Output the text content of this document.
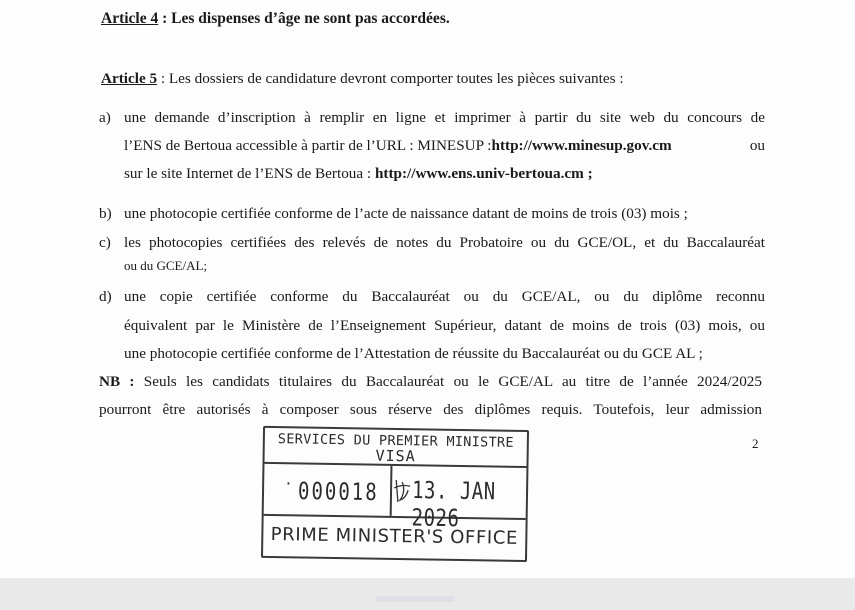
Article 4 : Les dispenses d’âge ne sont pas accordées.
Article 5 : Les dossiers de candidature devront comporter toutes les pièces suivantes :
a) une demande d’inscription à remplir en ligne et imprimer à partir du site web du concours de
l’ENS de Bertoua accessible à partir de l’URL : MINESUP : http://www.minesup.gov.cm	ou
sur le site Internet de l’ENS de Bertoua : http://www.ens.univ-bertoua.cm ;
b) une photocopie certifiée conforme de l’acte de naissance datant de moins de trois (03) mois ;
c) les photocopies certifiées des relevés de notes du Probatoire ou du GCE/OL, et du Baccalauréat
ou du GCE/AL;
d) une copie certifiée conforme du Baccalauréat ou du GCE/AL, ou du diplôme reconnu
équivalent par le Ministère de l’Enseignement Supérieur, datant de moins de trois (03) mois, ou
une photocopie certifiée conforme de l’Attestation de réussite du Baccalauréat ou du GCE AL ;
NB : Seuls les candidats titulaires du Baccalauréat ou le GCE/AL au titre de l’année 2024/2025
pourront être autorisés à composer sous réserve des diplômes requis. Toutefois, leur admission
2
SERVICES DU PREMIER MINISTRE
VISA
· 000018 13. JAN 2026
PRIME MINISTER'S OFFICE
